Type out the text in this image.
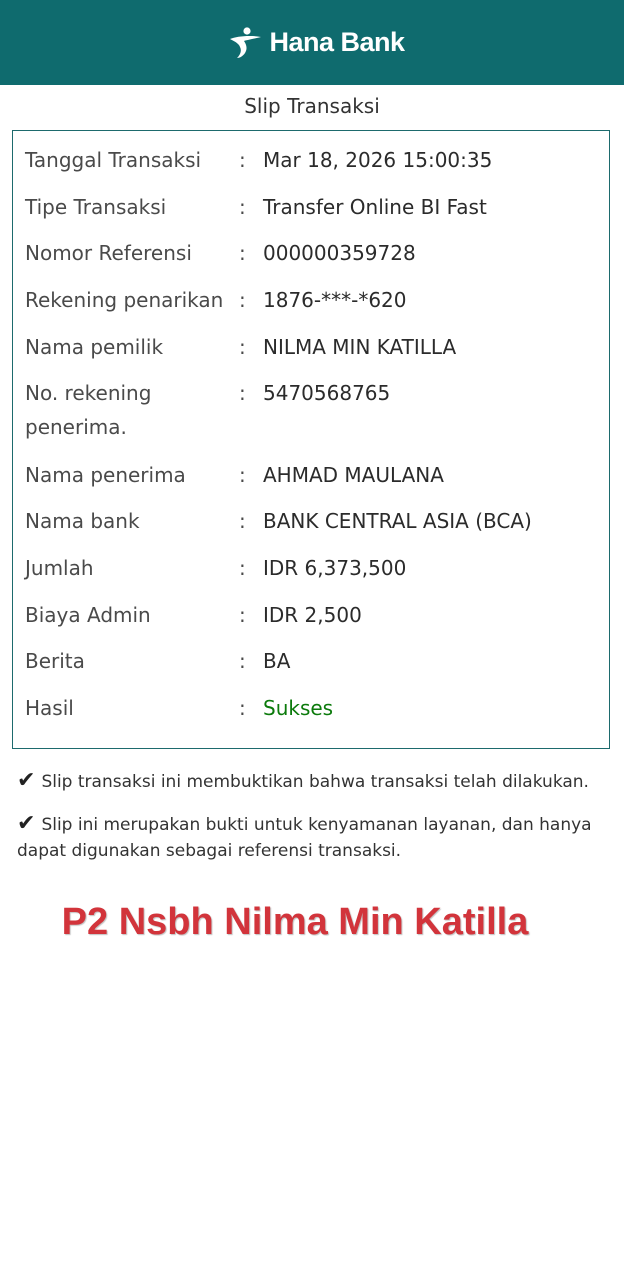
Hana Bank
Slip Transaksi
Tanggal Transaksi	: Mar 18, 2026 15:00:35
Tipe Transaksi	: Transfer Online BI Fast
Nomor Referensi	: 000000359728
Rekening penarikan : 1876-***-*620
Nama pemilik	: NILMA MIN KATILLA
No. rekening penerima.
: 5470568765
Nama penerima	: AHMAD MAULANA
Nama bank	: BANK CENTRAL ASIA (BCA)
Jumlah	: IDR 6,373,500
Biaya Admin	: IDR 2,500
Berita	: BA
Hasil	: Sukses
✔ Slip transaksi ini membuktikan bahwa transaksi telah dilakukan.
✔ Slip ini merupakan bukti untuk kenyamanan layanan, dan hanya dapat digunakan sebagai referensi transaksi.
P2 Nsbh Nilma Min Katilla
